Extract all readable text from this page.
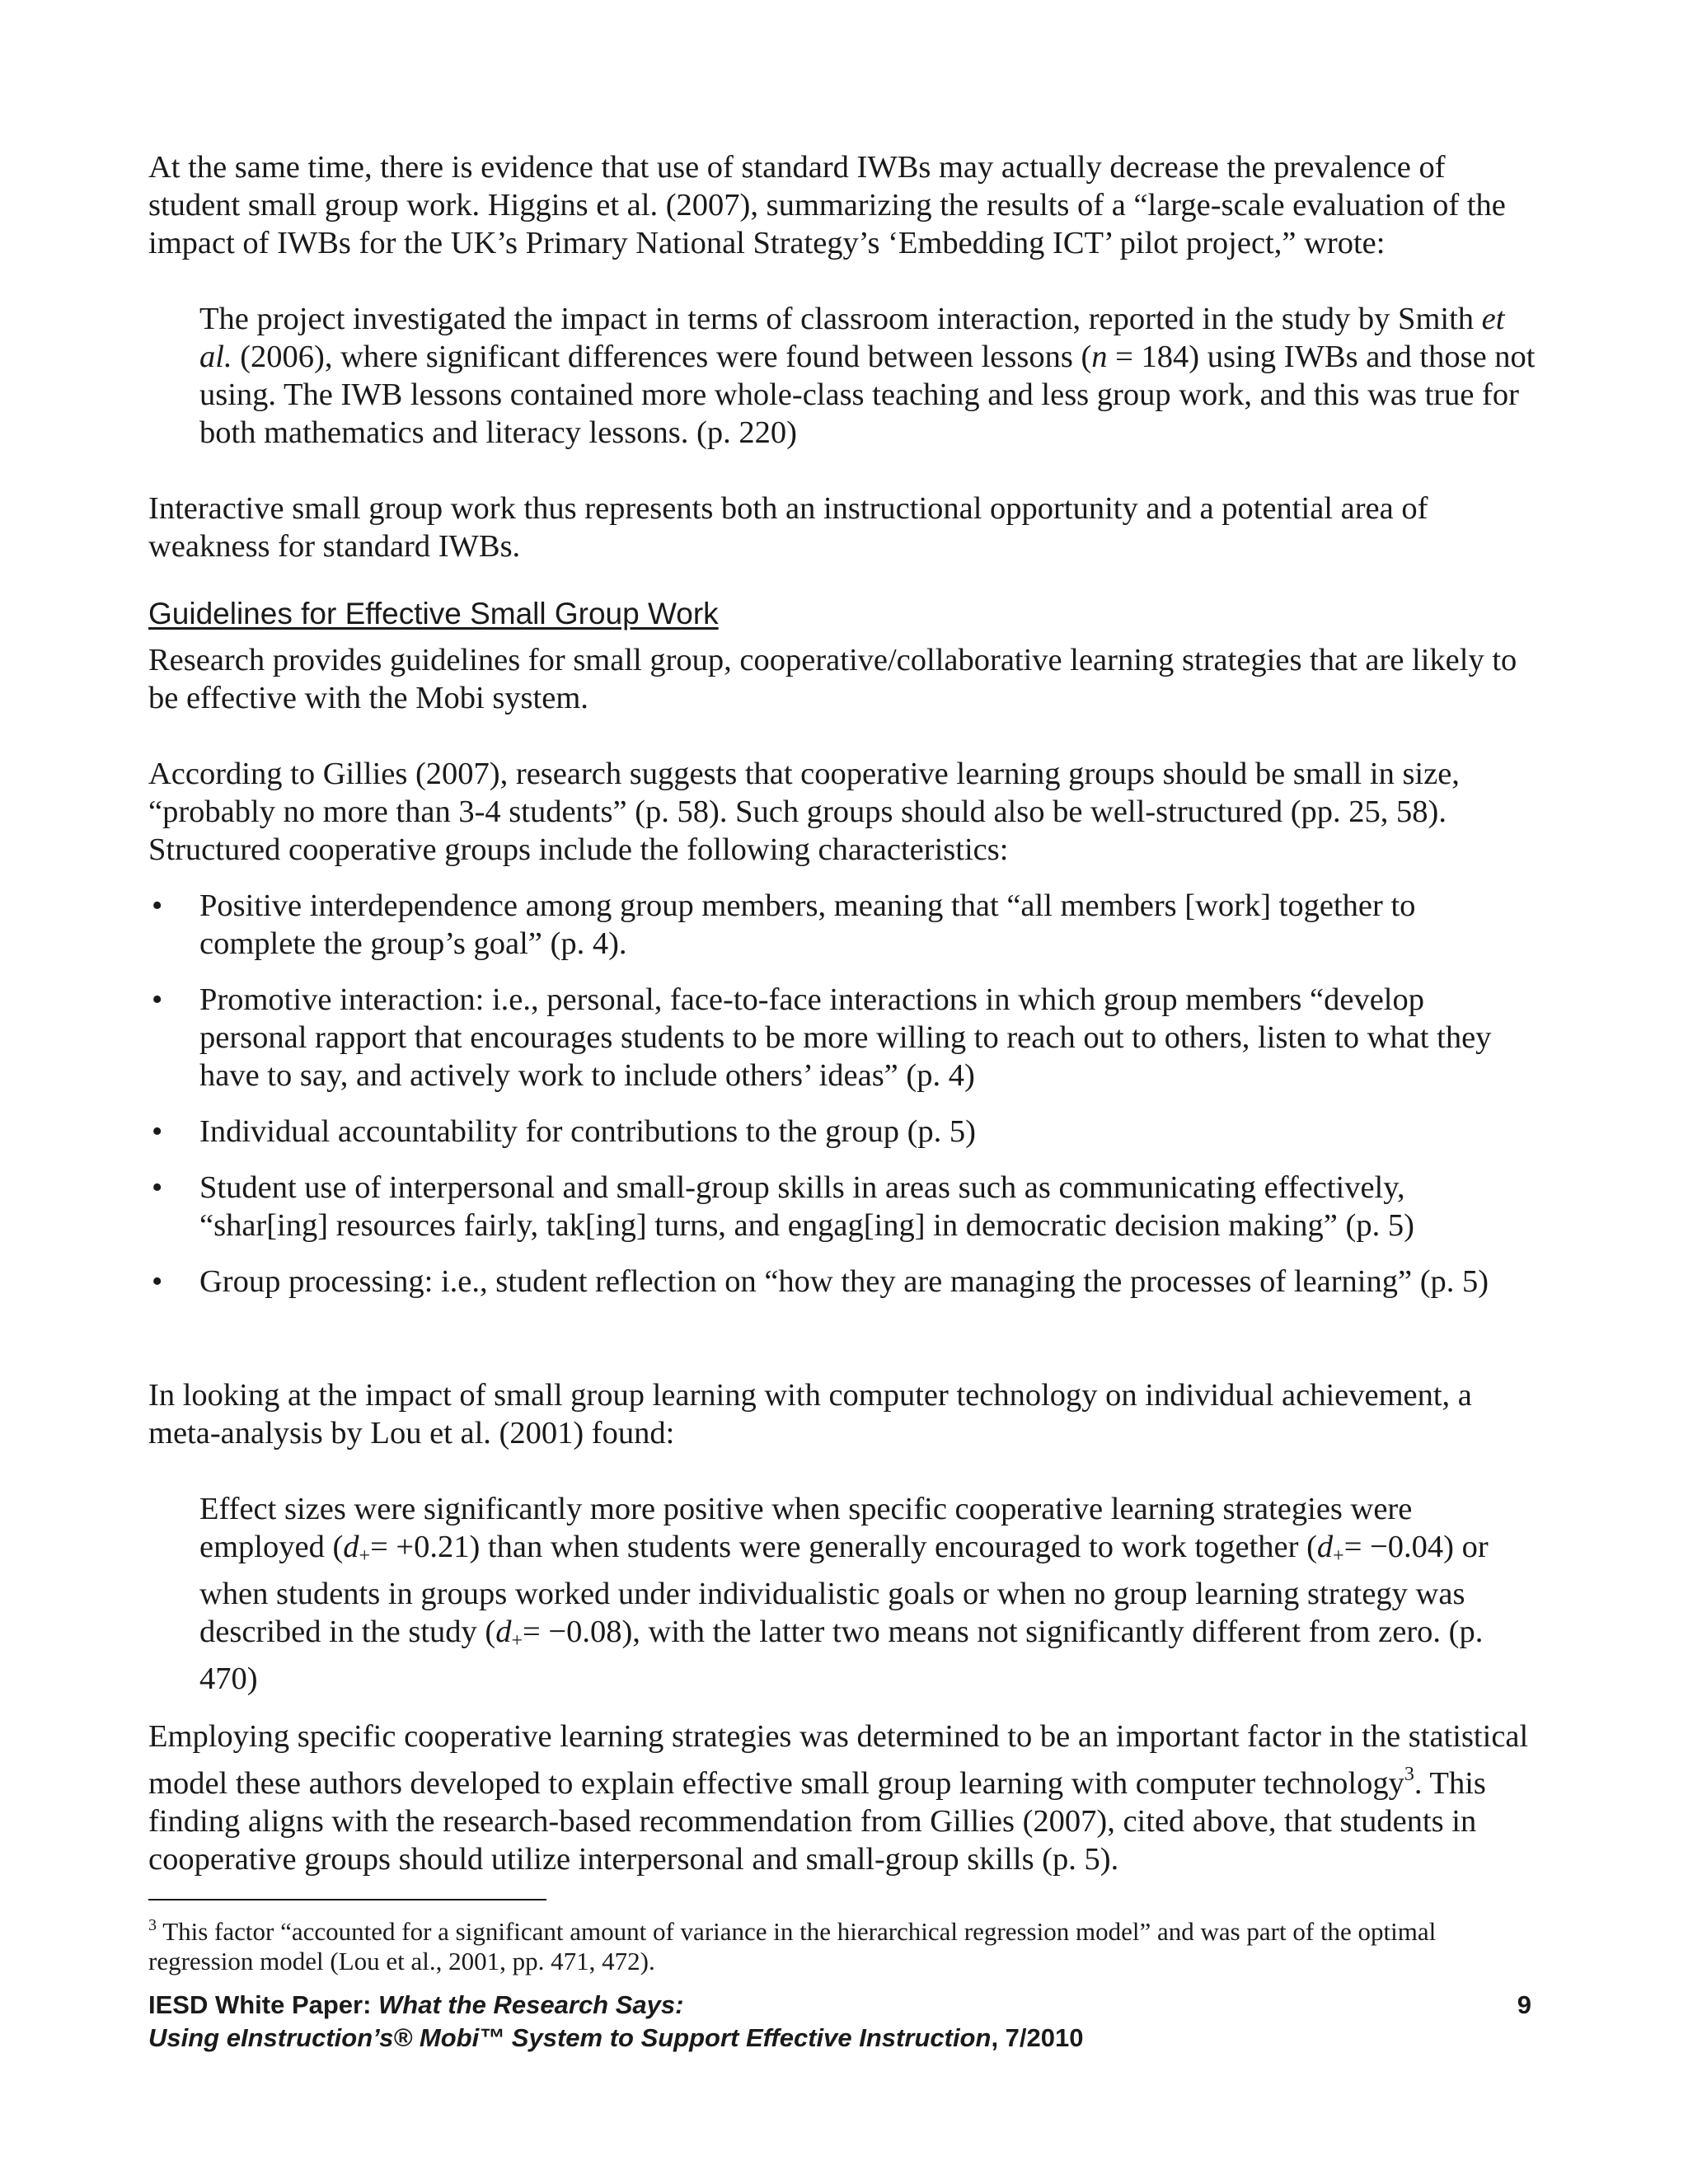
At the same time, there is evidence that use of standard IWBs may actually decrease the prevalence of student small group work. Higgins et al. (2007), summarizing the results of a “large-scale evaluation of the impact of IWBs for the UK’s Primary National Strategy’s ‘Embedding ICT’ pilot project,” wrote:

The project investigated the impact in terms of classroom interaction, reported in the study by Smith et al. (2006), where significant differences were found between lessons (n = 184) using IWBs and those not using. The IWB lessons contained more whole-class teaching and less group work, and this was true for both mathematics and literacy lessons. (p. 220)

Interactive small group work thus represents both an instructional opportunity and a potential area of weakness for standard IWBs.

Guidelines for Effective Small Group Work

Research provides guidelines for small group, cooperative/collaborative learning strategies that are likely to be effective with the Mobi system.

According to Gillies (2007), research suggests that cooperative learning groups should be small in size, “probably no more than 3-4 students” (p. 58). Such groups should also be well-structured (pp. 25, 58). Structured cooperative groups include the following characteristics:

• Positive interdependence among group members, meaning that “all members [work] together to complete the group’s goal” (p. 4).
• Promotive interaction: i.e., personal, face-to-face interactions in which group members “develop personal rapport that encourages students to be more willing to reach out to others, listen to what they have to say, and actively work to include others’ ideas” (p. 4)
• Individual accountability for contributions to the group (p. 5)
• Student use of interpersonal and small-group skills in areas such as communicating effectively, “shar[ing] resources fairly, tak[ing] turns, and engag[ing] in democratic decision making” (p. 5)
• Group processing: i.e., student reflection on “how they are managing the processes of learning” (p. 5)

In looking at the impact of small group learning with computer technology on individual achievement, a meta-analysis by Lou et al. (2001) found:

Effect sizes were significantly more positive when specific cooperative learning strategies were employed $(d_+= +0.21)$ than when students were generally encouraged to work together $(d_+= -0.04)$ or when students in groups worked under individualistic goals or when no group learning strategy was described in the study $(d_+= -0.08)$, with the latter two means not significantly different from zero. (p. 470)

Employing specific cooperative learning strategies was determined to be an important factor in the statistical model these authors developed to explain effective small group learning with computer technology$^3$. This finding aligns with the research-based recommendation from Gillies (2007), cited above, that students in cooperative groups should utilize interpersonal and small-group skills (p. 5).

$^3$ This factor “accounted for a significant amount of variance in the hierarchical regression model” and was part of the optimal regression model (Lou et al., 2001, pp. 471, 472).

IESD White Paper: What the Research Says:
Using eInstruction’s® Mobi™ System to Support Effective Instruction, 7/2010
9
